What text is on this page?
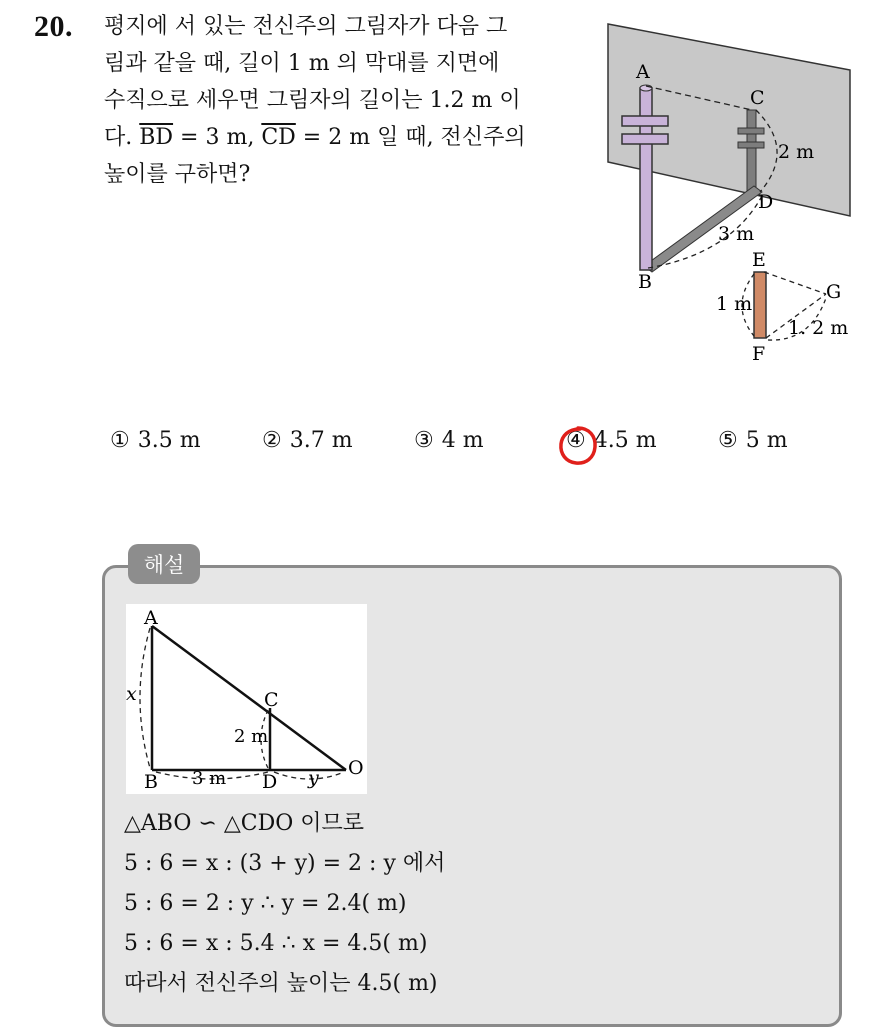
20. 평지에 서 있는 전신주의 그림자가 다음 그
림과 같을 때, 길이 1 m 의 막대를 지면에
수직으로 세우면 그림자의 길이는 1.2 m 이
다. $\overline{BD} = 3$ m, $\overline{CD} = 2$ m 일 때, 전신주의
높이를 구하면?
A
C
D
B
E
F
G
2 m
3 m
1 m
1. 2 m
① 3.5 m	② 3.7 m	③ 4 m	④ 4.5 m	⑤ 5 m
해설
A
B
C
D
O
x
2 m
3 m	y
△ABO ∽ △CDO 이므로
5 : 6 = x : (3 + y) = 2 : y 에서
5 : 6 = 2 : y ∴ y = 2.4( m)
5 : 6 = x : 5.4 ∴ x = 4.5( m)
따라서 전신주의 높이는 4.5( m)
